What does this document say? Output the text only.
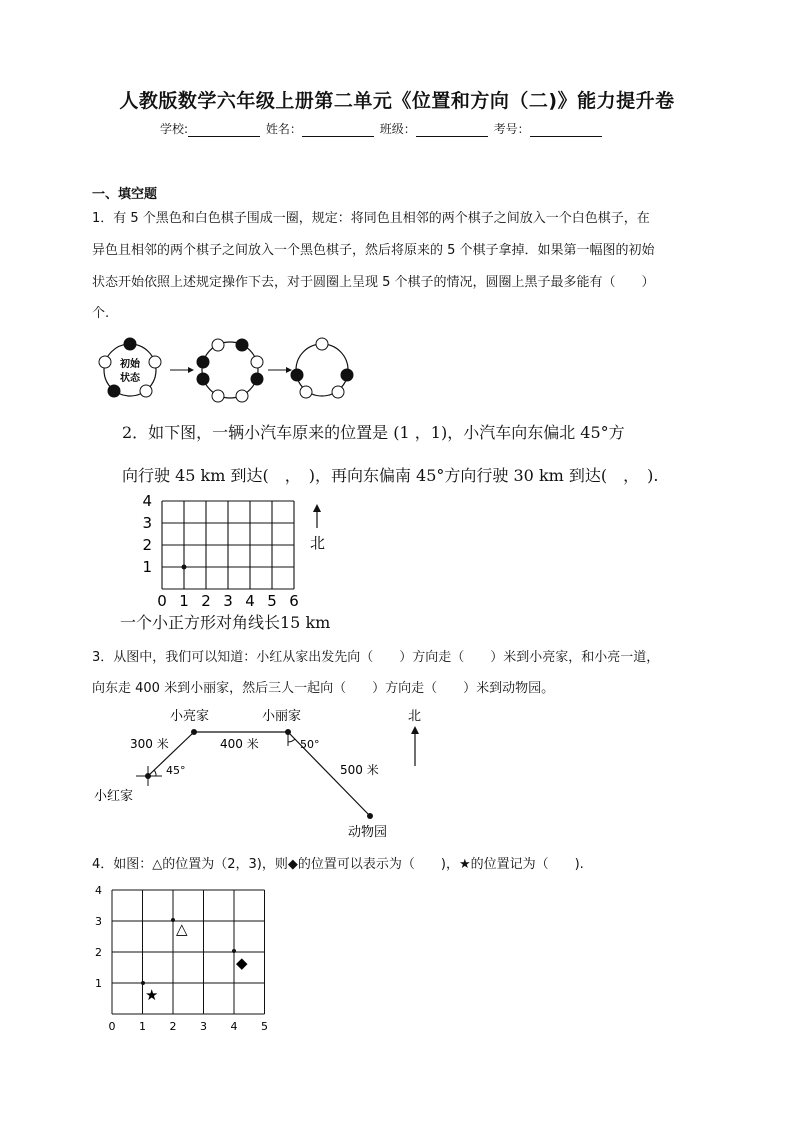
人教版数学六年级上册第二单元《位置和方向（二)》能力提升卷
学校:	姓名：	班级：	考号：
一、填空题
1．有 5 个黑色和白色棋子围成一圈，规定：将同色且相邻的两个棋子之间放入一个白色棋子，在
异色且相邻的两个棋子之间放入一个黑色棋子，然后将原来的 5 个棋子拿掉．如果第一幅图的初始
状态开始依照上述规定操作下去，对于圆圈上呈现 5 个棋子的情况，圆圈上黑子最多能有（　　）
个.
初始
状态
2．如下图，一辆小汽车原来的位置是 (1 ，1)，小汽车向东偏北 45°方
向行驶 45 km 到达(　，　)，再向东偏南 45°方向行驶 30 km 到达(　，　).
0 1 2 3 4 5 6
1
2
3
4
北
一个小正方形对角线长15 km
3．从图中，我们可以知道：小红从家出发先向（　　）方向走（　　）米到小亮家，和小亮一道，
向东走 400 米到小丽家，然后三人一起向（　　）方向走（　　）米到动物园。
北
小亮家	小丽家
小红家
动物园
300 米	400 米
500 米
45°
50°
4．如图：△的位置为（2，3)，则◆的位置可以表示为（　　)，★的位置记为（　　).
0 1 2 3 4 5
1
2
3
4
△
◆
★
